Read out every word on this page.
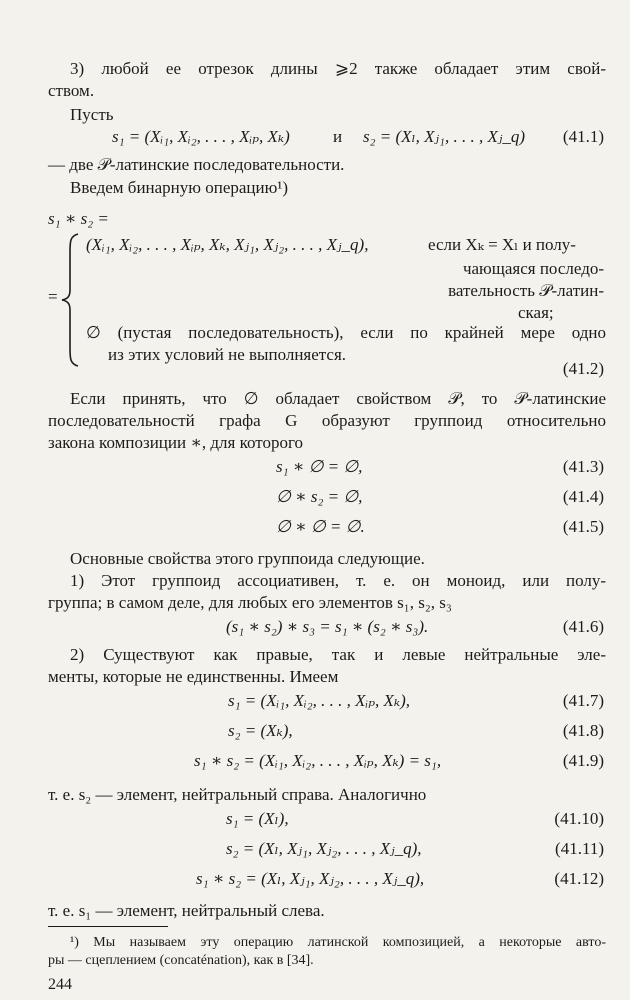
3) любой ее отрезок длины ⩾2 также обладает этим свой-
ством.
Пусть
s₁ = (Xᵢ₁, Xᵢ₂, . . . , Xᵢₚ, Xₖ)	и s₂ = (Xₗ, Xⱼ₁, . . . , Xⱼ_q) (41.1)
— две 𝒫-латинские последовательности.
Введем бинарную операцию¹)
s₁ ∗ s₂ =
=
(Xᵢ₁, Xᵢ₂, . . . , Xᵢₚ, Xₖ, Xⱼ₁, Xⱼ₂, . . . , Xⱼ_q),	если Xₖ = Xₗ и полу-
чающаяся последо-
вательность 𝒫-латин-
ская;
∅ (пустая последовательность), если по крайней мере одно
из этих условий не выполняется.
(41.2)
Если принять, что ∅ обладает свойством 𝒫, то 𝒫-латинские
последовательностй графа G образуют группоид относительно
закона композиции ∗, для которого
s₁ ∗ ∅ = ∅,	(41.3)
∅ ∗ s₂ = ∅,	(41.4)
∅ ∗ ∅ = ∅.	(41.5)
Основные свойства этого группоида следующие.
1) Этот группоид ассоциативен, т. е. он моноид, или полу-
группа; в самом деле, для любых его элементов s₁, s₂, s₃
(s₁ ∗ s₂) ∗ s₃ = s₁ ∗ (s₂ ∗ s₃).	(41.6)
2) Существуют как правые, так и левые нейтральные эле-
менты, которые не единственны. Имеем
s₁ = (Xᵢ₁, Xᵢ₂, . . . , Xᵢₚ, Xₖ),	(41.7)
s₂ = (Xₖ),	(41.8)
s₁ ∗ s₂ = (Xᵢ₁, Xᵢ₂, . . . , Xᵢₚ, Xₖ) = s₁,	(41.9)
т. е. s₂ — элемент, нейтральный справа. Аналогично
s₁ = (Xₗ),	(41.10)
s₂ = (Xₗ, Xⱼ₁, Xⱼ₂, . . . , Xⱼ_q),	(41.11)
s₁ ∗ s₂ = (Xₗ, Xⱼ₁, Xⱼ₂, . . . , Xⱼ_q),	(41.12)
т. е. s₁ — элемент, нейтральный слева.
¹) Мы называем эту операцию латинской композицией, а некоторые авто-
ры — сцеплением (concaténation), как в [34].
244
